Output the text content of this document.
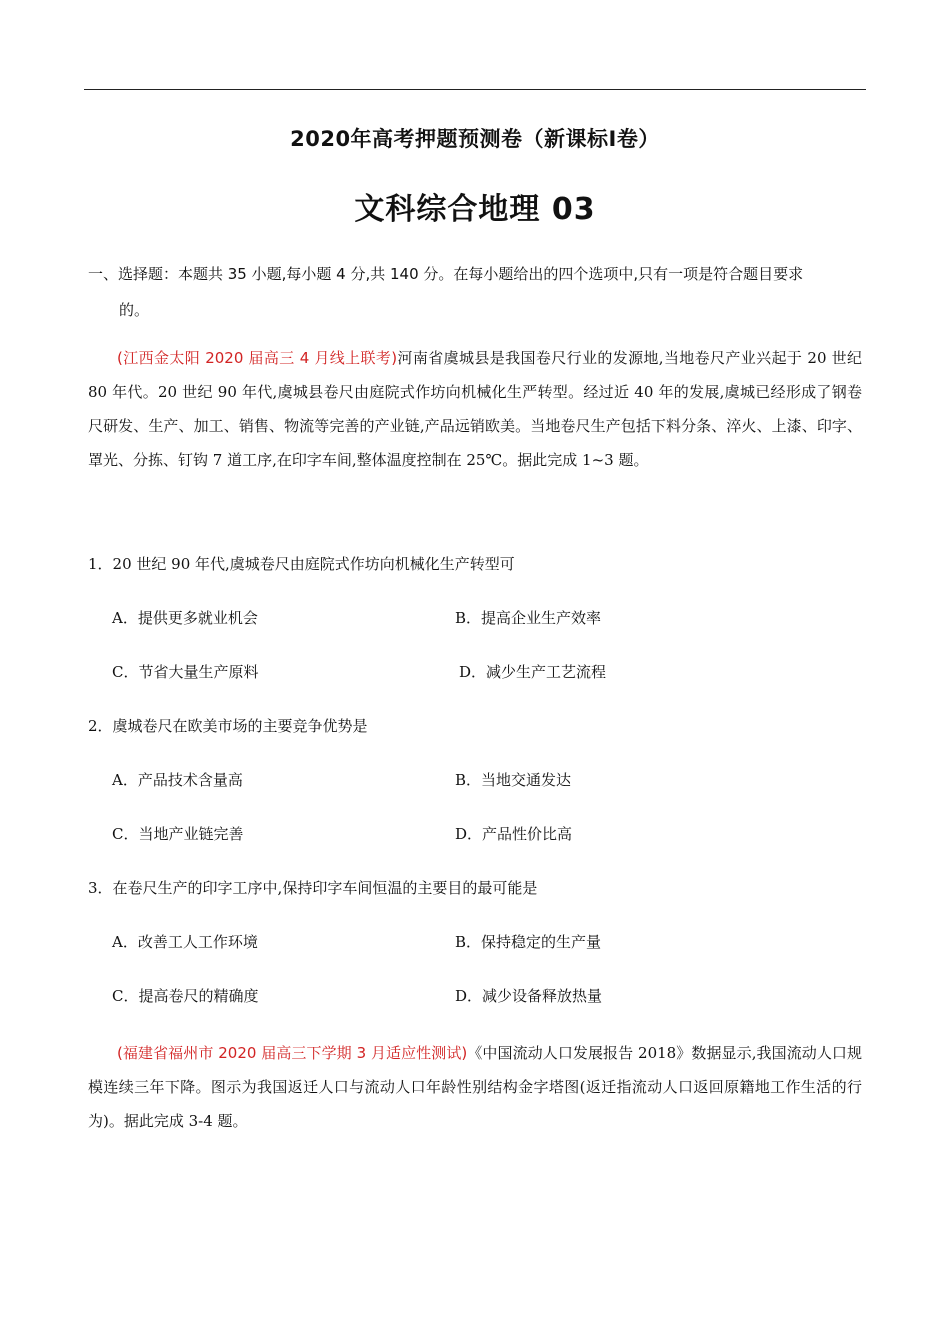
2020年高考押题预测卷（新课标Ⅰ卷）
文科综合地理 03
一、选择题：本题共 35 小题,每小题 4 分,共 140 分。在每小题给出的四个选项中,只有一项是符合题目要求
的。
(江西金太阳 2020 届高三 4 月线上联考)河南省虞城县是我国卷尺行业的发源地,当地卷尺产业兴起于 20 世纪 80 年代。20 世纪 90 年代,虞城县卷尺由庭院式作坊向机械化生严转型。经过近 40 年的发展,虞城已经形成了钢卷尺研发、生产、加工、销售、物流等完善的产业链,产品远销欧美。当地卷尺生产包括下料分条、淬火、上漆、印字、罩光、分拣、钉钩 7 道工序,在印字车间,整体温度控制在 25℃。据此完成 1~3 题。
1．20 世纪 90 年代,虞城卷尺由庭院式作坊向机械化生产转型可
A．提供更多就业机会	B．提高企业生产效率
C．节省大量生产原料	D．减少生产工艺流程
2．虞城卷尺在欧美市场的主要竞争优势是
A．产品技术含量高	B．当地交通发达
C．当地产业链完善	D．产品性价比高
3．在卷尺生产的印字工序中,保持印字车间恒温的主要目的最可能是
A．改善工人工作环境	B．保持稳定的生产量
C．提高卷尺的精确度	D．减少设备释放热量
(福建省福州市 2020 届高三下学期 3 月适应性测试)《中国流动人口发展报告 2018》数据显示,我国流动人口规模连续三年下降。图示为我国返迁人口与流动人口年龄性别结构金字塔图(返迁指流动人口返回原籍地工作生活的行为)。据此完成 3-4 题。
